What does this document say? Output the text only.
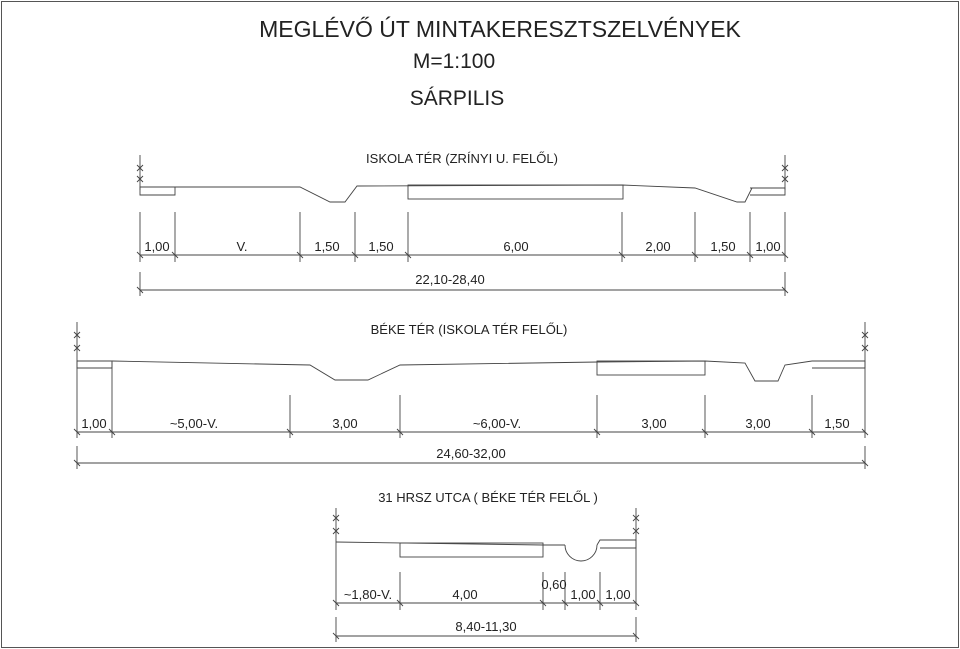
MEGLÉVŐ ÚT MINTAKERESZTSZELVÉNYEK
M=1:100
SÁRPILIS
ISKOLA TÉR (ZRÍNYI U. FELŐL)
1,00	V.	1,50 1,50	6,00	2,00	1,50 1,00
22,10-28,40
BÉKE TÉR (ISKOLA TÉR FELŐL)
1,00	~5,00-V.	3,00	~6,00-V.	3,00	3,00	1,50
24,60-32,00
31 HRSZ UTCA ( BÉKE TÉR FELŐL )
~1,80-V.	4,00
0,60
1,00 1,00
8,40-11,30
